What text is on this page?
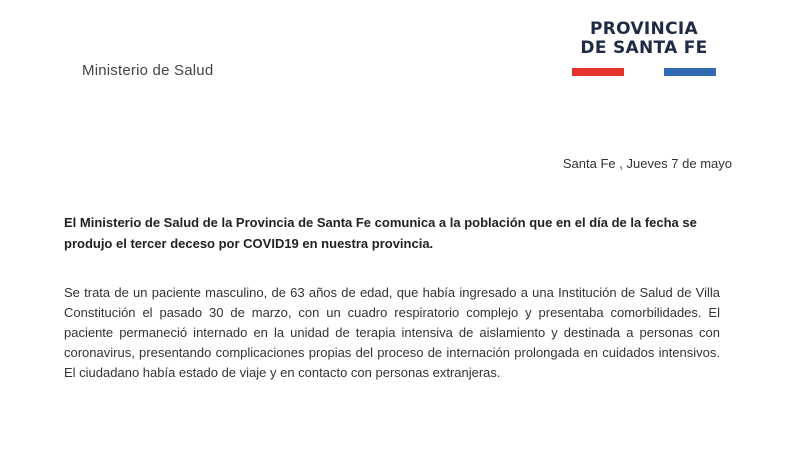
Ministerio de Salud
PROVINCIA
DE SANTA FE
Santa Fe , Jueves 7 de mayo

El Ministerio de Salud de la Provincia de Santa Fe comunica a la población que en el día de la fecha se produjo el tercer deceso por COVID19 en nuestra provincia.

Se trata de un paciente masculino, de 63 años de edad, que había ingresado a una Institución de Salud de Villa Constitución el pasado 30 de marzo, con un cuadro respiratorio complejo y presentaba comorbilidades. El paciente permaneció internado en la unidad de terapia intensiva de aislamiento y destinada a personas con coronavirus, presentando complicaciones propias del proceso de internación prolongada en cuidados intensivos. El ciudadano había estado de viaje y en contacto con personas extranjeras.
